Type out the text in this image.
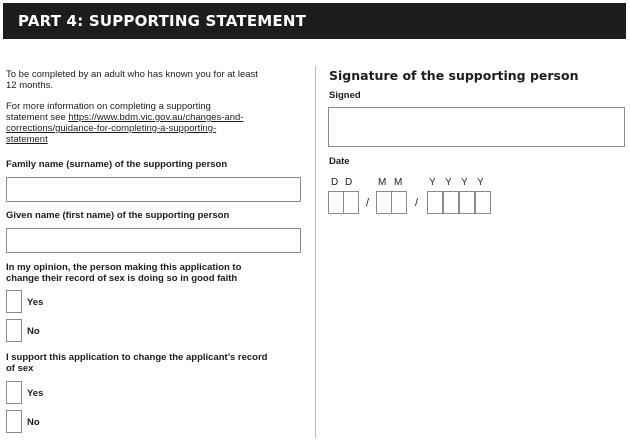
PART 4: SUPPORTING STATEMENT
To be completed by an adult who has known you for at least
12 months.
For more information on completing a supporting
statement see https://www.bdm.vic.gov.au/changes-and-
corrections/guidance-for-completing-a-supporting-
statement
Family name (surname) of the supporting person
Given name (first name) of the supporting person
In my opinion, the person making this application to
change their record of sex is doing so in good faith
Yes
No
I support this application to change the applicant’s record
of sex
Yes
No
Signature of the supporting person
Signed
Date
D D	M M	Y Y Y Y
/	/
